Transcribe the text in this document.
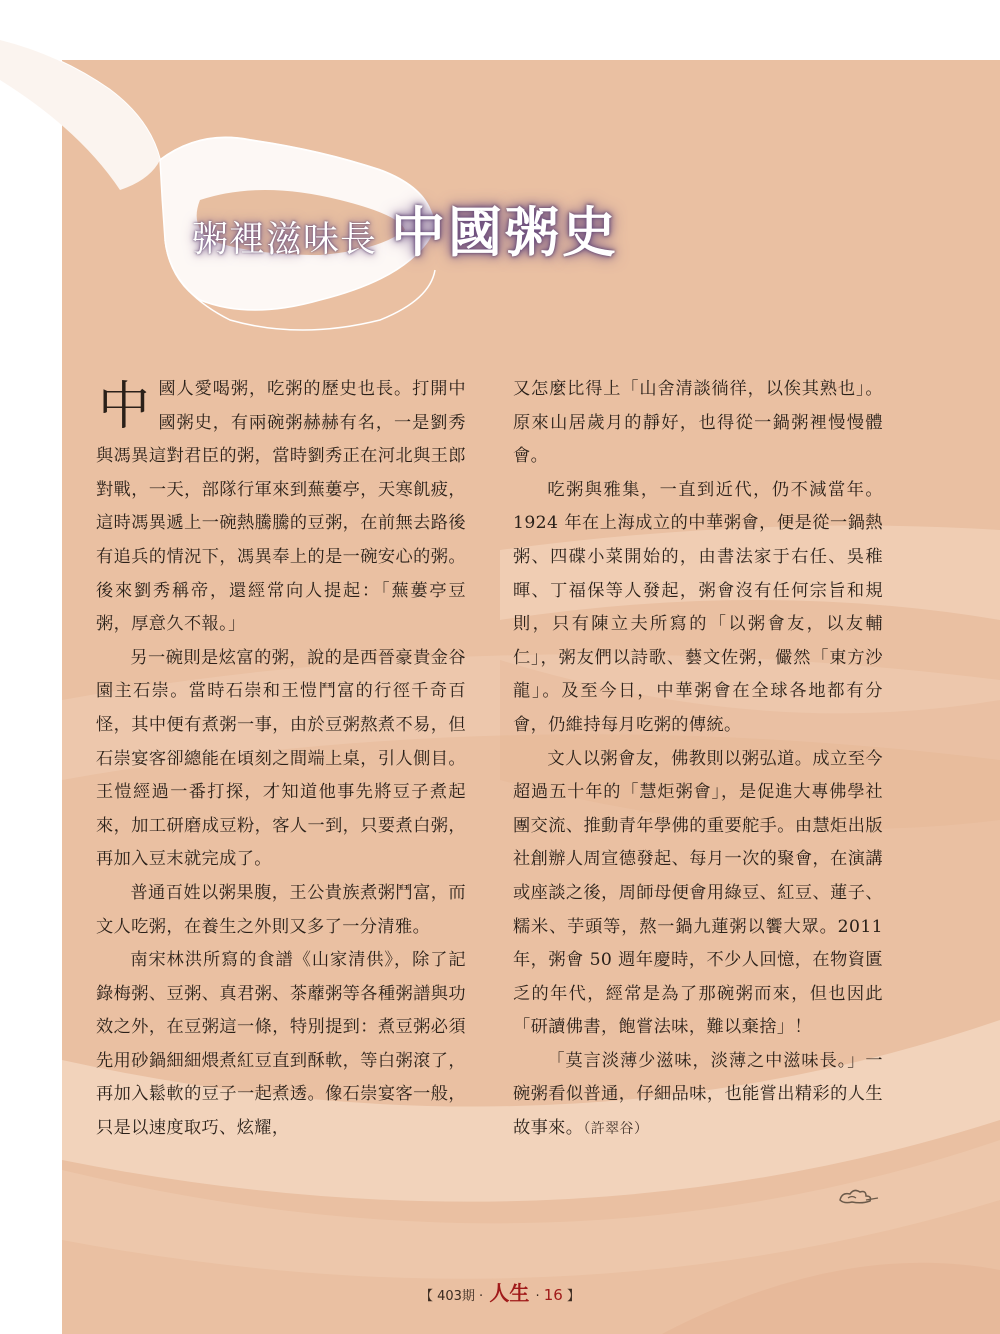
粥裡滋味長 中國粥史

中國人愛喝粥，吃粥的歷史也長。打開中國粥史，有兩碗粥赫赫有名，一是劉秀與馮異這對君臣的粥，當時劉秀正在河北與王郎對戰，一天，部隊行軍來到蕪蔞亭，天寒飢疲，這時馮異遞上一碗熱騰騰的豆粥，在前無去路後有追兵的情況下，馮異奉上的是一碗安心的粥。後來劉秀稱帝，還經常向人提起：「蕪蔞亭豆粥，厚意久不報。」

另一碗則是炫富的粥，說的是西晉豪貴金谷園主石崇。當時石崇和王愷鬥富的行徑千奇百怪，其中便有煮粥一事，由於豆粥熬煮不易，但石崇宴客卻總能在頃刻之間端上桌，引人側目。王愷經過一番打探，才知道他事先將豆子煮起來，加工研磨成豆粉，客人一到，只要煮白粥，再加入豆末就完成了。

普通百姓以粥果腹，王公貴族煮粥鬥富，而文人吃粥，在養生之外則又多了一分清雅。

南宋林洪所寫的食譜《山家清供》，除了記錄梅粥、豆粥、真君粥、茶蘼粥等各種粥譜與功效之外，在豆粥這一條，特別提到：煮豆粥必須先用砂鍋細細煨煮紅豆直到酥軟，等白粥滾了，再加入鬆軟的豆子一起煮透。像石崇宴客一般，只是以速度取巧、炫耀，

又怎麼比得上「山舍清談徜徉，以俟其熟也」。原來山居歲月的靜好，也得從一鍋粥裡慢慢體會。

吃粥與雅集，一直到近代，仍不減當年。1924 年在上海成立的中華粥會，便是從一鍋熱粥、四碟小菜開始的，由書法家于右任、吳稚暉、丁福保等人發起，粥會沒有任何宗旨和規則，只有陳立夫所寫的「以粥會友，以友輔仁」，粥友們以詩歌、藝文佐粥，儼然「東方沙龍」。及至今日，中華粥會在全球各地都有分會，仍維持每月吃粥的傳統。

文人以粥會友，佛教則以粥弘道。成立至今超過五十年的「慧炬粥會」，是促進大專佛學社團交流、推動青年學佛的重要舵手。由慧炬出版社創辦人周宣德發起、每月一次的聚會，在演講或座談之後，周師母便會用綠豆、紅豆、蓮子、糯米、芋頭等，熬一鍋九蓮粥以饗大眾。2011 年，粥會 50 週年慶時，不少人回憶，在物資匱乏的年代，經常是為了那碗粥而來，但也因此「研讀佛書，飽嘗法味，難以棄捨」！

「莫言淡薄少滋味，淡薄之中滋味長。」一碗粥看似普通，仔細品味，也能嘗出精彩的人生故事來。（許翠谷）

【 403期 · 人生 · 16 】
